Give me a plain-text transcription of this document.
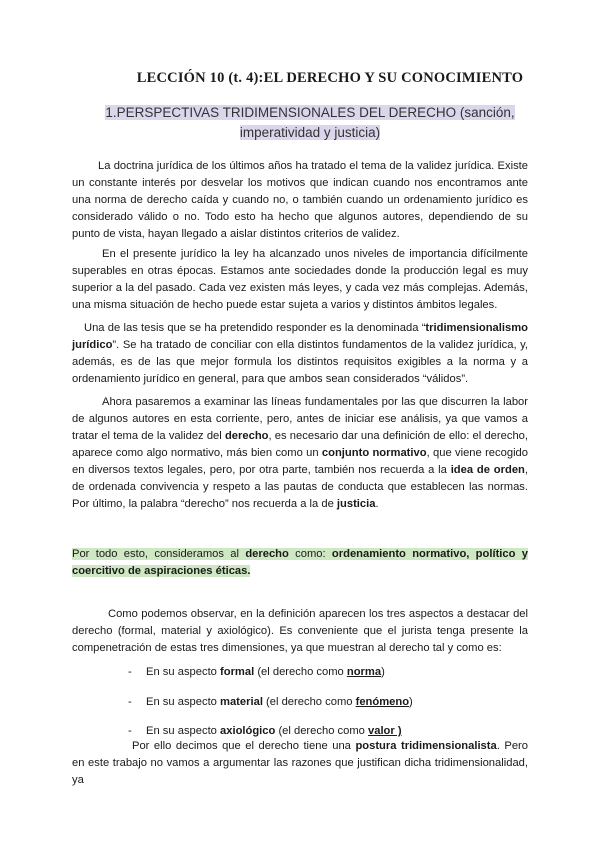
LECCIÓN 10 (t. 4):EL DERECHO Y SU CONOCIMIENTO
1.PERSPECTIVAS TRIDIMENSIONALES DEL DERECHO (sanción,
imperatividad y justicia)
La doctrina jurídica de los últimos años ha tratado el tema de la validez jurídica. Existe un constante interés por desvelar los motivos que indican cuando nos encontramos ante una norma de derecho caída y cuando no, o también cuando un ordenamiento jurídico es considerado válido o no. Todo esto ha hecho que algunos autores, dependiendo de su punto de vista, hayan llegado a aislar distintos criterios de validez.
En el presente jurídico la ley ha alcanzado unos niveles de importancia difícilmente superables en otras épocas. Estamos ante sociedades donde la producción legal es muy superior a la del pasado. Cada vez existen más leyes, y cada vez más complejas. Además, una misma situación de hecho puede estar sujeta a varios y distintos ámbitos legales.
Una de las tesis que se ha pretendido responder es la denominada “tridimensionalismo jurídico”. Se ha tratado de conciliar con ella distintos fundamentos de la validez jurídica, y, además, es de las que mejor formula los distintos requisitos exigibles a la norma y a ordenamiento jurídico en general, para que ambos sean considerados “válidos”.
Ahora pasaremos a examinar las líneas fundamentales por las que discurren la labor de algunos autores en esta corriente, pero, antes de iniciar ese análisis, ya que vamos a tratar el tema de la validez del derecho, es necesario dar una definición de ello: el derecho, aparece como algo normativo, más bien como un conjunto normativo, que viene recogido en diversos textos legales, pero, por otra parte, también nos recuerda a la idea de orden, de ordenada convivencia y respeto a las pautas de conducta que establecen las normas. Por último, la palabra “derecho” nos recuerda a la de justicia.
Por todo esto, consideramos al derecho como: ordenamiento normativo, político y coercitivo de aspiraciones éticas.
Como podemos observar, en la definición aparecen los tres aspectos a destacar del derecho (formal, material y axiológico). Es conveniente que el jurista tenga presente la compenetración de estas tres dimensiones, ya que muestran al derecho tal y como es:
- En su aspecto formal (el derecho como norma)
- En su aspecto material (el derecho como fenómeno)
- En su aspecto axiológico (el derecho como valor )
Por ello decimos que el derecho tiene una postura tridimensionalista. Pero en este trabajo no vamos a argumentar las razones que justifican dicha tridimensionalidad, ya
